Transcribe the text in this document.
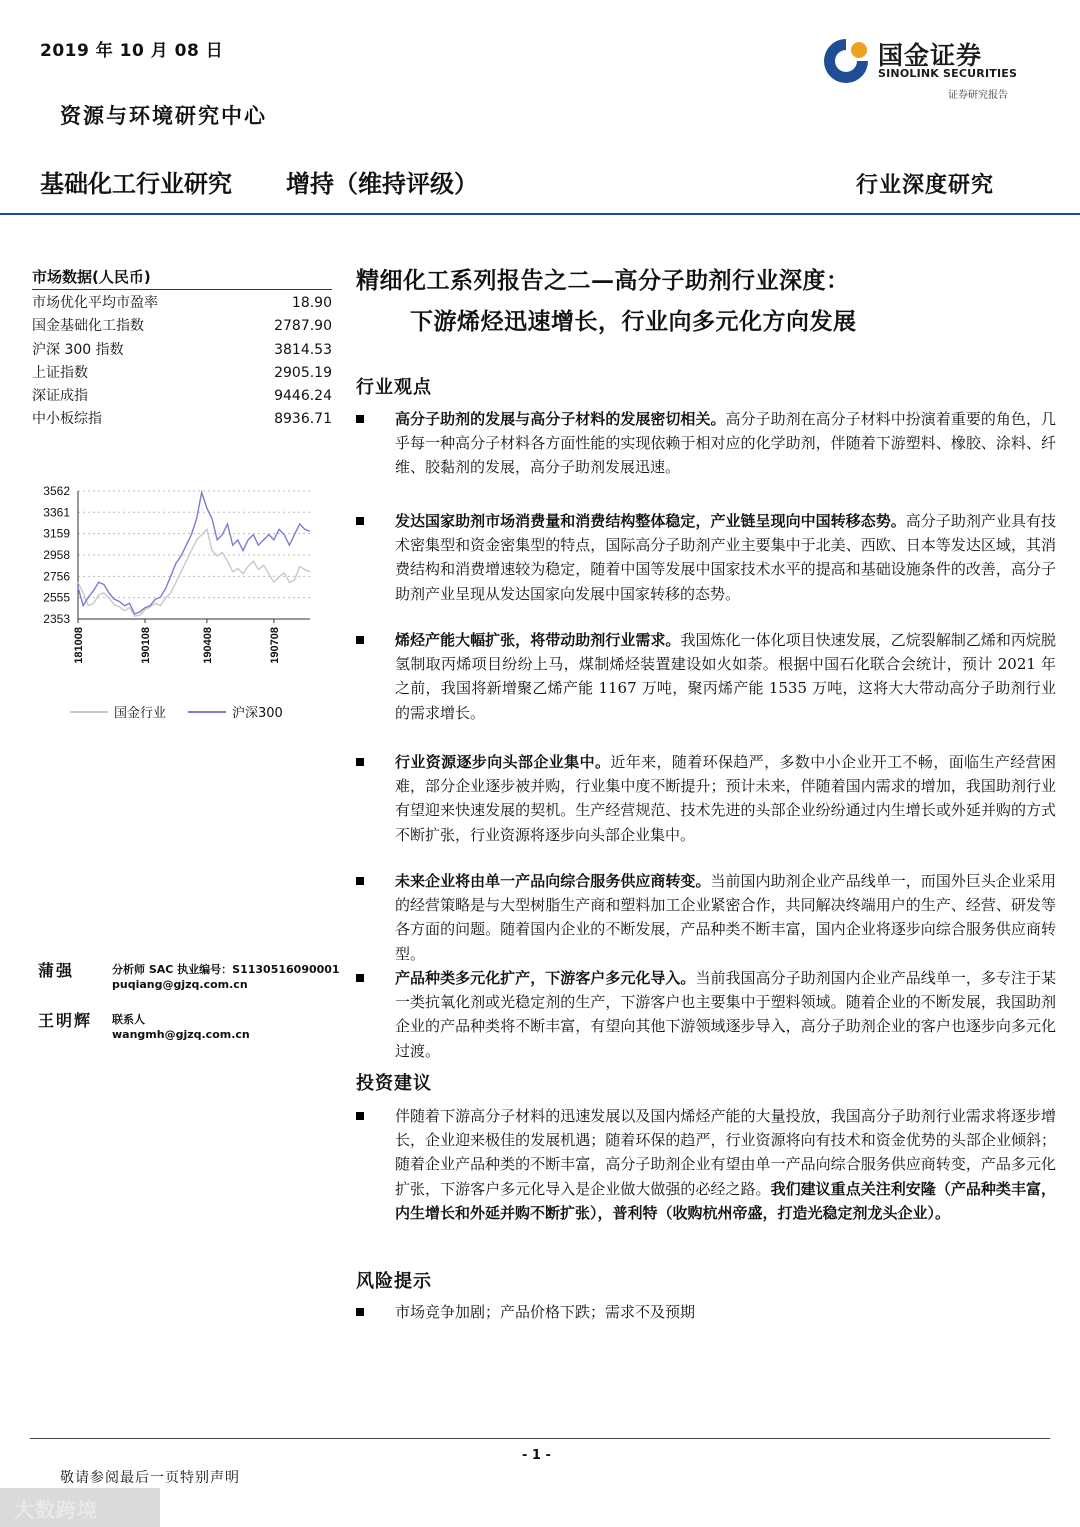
2019 年 10 月 08 日
资源与环境研究中心
国金证券
SINOLINK SECURITIES
证券研究报告
基础化工行业研究 增持（维持评级）	行业深度研究
市场数据(人民币)
市场优化平均市盈率	18.90
国金基础化工指数	2787.90
沪深 300 指数	3814.53
上证指数	2905.19
深证成指	9446.24
中小板综指	8936.71
3562
3361
3159
2958
2756
2555
2353
181008	190108	190408	190708
国金行业	沪深300
蒲强	分析师 SAC 执业编号：S1130516090001
puqiang@gjzq.com.cn
王明辉 联系人
wangmh@gjzq.com.cn
精细化工系列报告之二—高分子助剂行业深度：
下游烯烃迅速增长，行业向多元化方向发展
行业观点
高分子助剂的发展与高分子材料的发展密切相关。高分子助剂在高分子材料中扮演着重要的角色，几乎每一种高分子材料各方面性能的实现依赖于相对应的化学助剂，伴随着下游塑料、橡胶、涂料、纤维、胶黏剂的发展，高分子助剂发展迅速。
发达国家助剂市场消费量和消费结构整体稳定，产业链呈现向中国转移态势。高分子助剂产业具有技术密集型和资金密集型的特点，国际高分子助剂产业主要集中于北美、西欧、日本等发达区域，其消费结构和消费增速较为稳定，随着中国等发展中国家技术水平的提高和基础设施条件的改善，高分子助剂产业呈现从发达国家向发展中国家转移的态势。
烯烃产能大幅扩张，将带动助剂行业需求。我国炼化一体化项目快速发展，乙烷裂解制乙烯和丙烷脱氢制取丙烯项目纷纷上马，煤制烯烃装置建设如火如荼。根据中国石化联合会统计，预计 2021 年之前，我国将新增聚乙烯产能 1167 万吨，聚丙烯产能 1535 万吨，这将大大带动高分子助剂行业的需求增长。
行业资源逐步向头部企业集中。近年来，随着环保趋严，多数中小企业开工不畅，面临生产经营困难，部分企业逐步被并购，行业集中度不断提升；预计未来，伴随着国内需求的增加，我国助剂行业有望迎来快速发展的契机。生产经营规范、技术先进的头部企业纷纷通过内生增长或外延并购的方式不断扩张，行业资源将逐步向头部企业集中。
未来企业将由单一产品向综合服务供应商转变。当前国内助剂企业产品线单一，而国外巨头企业采用的经营策略是与大型树脂生产商和塑料加工企业紧密合作，共同解决终端用户的生产、经营、研发等各方面的问题。随着国内企业的不断发展，产品种类不断丰富，国内企业将逐步向综合服务供应商转型。
产品种类多元化扩产，下游客户多元化导入。当前我国高分子助剂国内企业产品线单一，多专注于某一类抗氧化剂或光稳定剂的生产，下游客户也主要集中于塑料领域。随着企业的不断发展，我国助剂企业的产品种类将不断丰富，有望向其他下游领域逐步导入，高分子助剂企业的客户也逐步向多元化过渡。
投资建议
伴随着下游高分子材料的迅速发展以及国内烯烃产能的大量投放，我国高分子助剂行业需求将逐步增长，企业迎来极佳的发展机遇；随着环保的趋严，行业资源将向有技术和资金优势的头部企业倾斜；随着企业产品种类的不断丰富，高分子助剂企业有望由单一产品向综合服务供应商转变，产品多元化扩张，下游客户多元化导入是企业做大做强的必经之路。我们建议重点关注利安隆（产品种类丰富，内生增长和外延并购不断扩张），普利特（收购杭州帝盛，打造光稳定剂龙头企业）。
风险提示
市场竞争加剧；产品价格下跌；需求不及预期
- 1 -
敬请参阅最后一页特别声明
大数跨境
